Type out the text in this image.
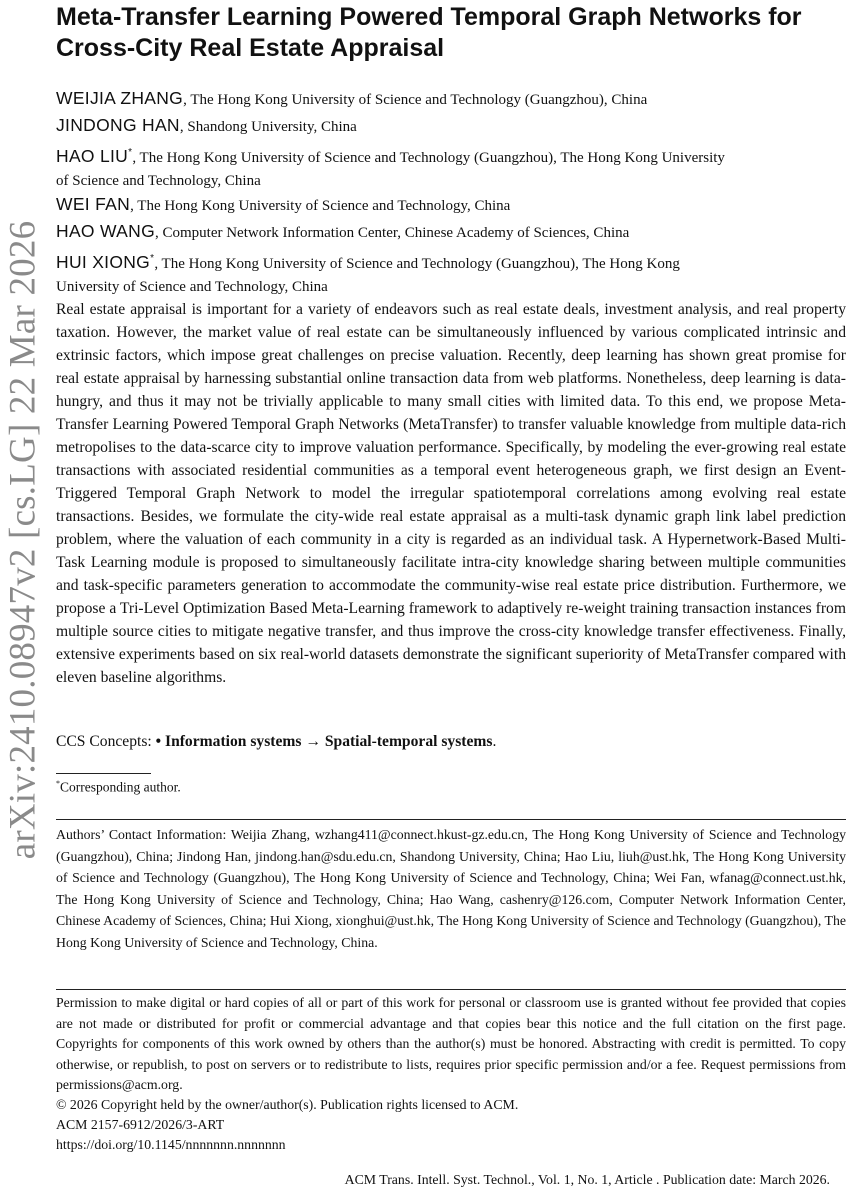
arXiv:2410.08947v2 [cs.LG] 22 Mar 2026
Meta-Transfer Learning Powered Temporal Graph Networks for Cross-City Real Estate Appraisal
WEIJIA ZHANG, The Hong Kong University of Science and Technology (Guangzhou), China
JINDONG HAN, Shandong University, China
HAO LIU*, The Hong Kong University of Science and Technology (Guangzhou), The Hong Kong University
of Science and Technology, China
WEI FAN, The Hong Kong University of Science and Technology, China
HAO WANG, Computer Network Information Center, Chinese Academy of Sciences, China
HUI XIONG*, The Hong Kong University of Science and Technology (Guangzhou), The Hong Kong
University of Science and Technology, China

Real estate appraisal is important for a variety of endeavors such as real estate deals, investment analysis, and real property taxation. However, the market value of real estate can be simultaneously influenced by various complicated intrinsic and extrinsic factors, which impose great challenges on precise valuation. Recently, deep learning has shown great promise for real estate appraisal by harnessing substantial online transaction data from web platforms. Nonetheless, deep learning is data-hungry, and thus it may not be trivially applicable to many small cities with limited data. To this end, we propose Meta-Transfer Learning Powered Temporal Graph Networks (MetaTransfer) to transfer valuable knowledge from multiple data-rich metropolises to the data-scarce city to improve valuation performance. Specifically, by modeling the ever-growing real estate transactions with associated residential communities as a temporal event heterogeneous graph, we first design an Event-Triggered Temporal Graph Network to model the irregular spatiotemporal correlations among evolving real estate transactions. Besides, we formulate the city-wide real estate appraisal as a multi-task dynamic graph link label prediction problem, where the valuation of each community in a city is regarded as an individual task. A Hypernetwork-Based Multi-Task Learning module is proposed to simultaneously facilitate intra-city knowledge sharing between multiple communities and task-specific parameters generation to accommodate the community-wise real estate price distribution. Furthermore, we propose a Tri-Level Optimization Based Meta-Learning framework to adaptively re-weight training transaction instances from multiple source cities to mitigate negative transfer, and thus improve the cross-city knowledge transfer effectiveness. Finally, extensive experiments based on six real-world datasets demonstrate the significant superiority of MetaTransfer compared with eleven baseline algorithms.

CCS Concepts: • Information systems → Spatial-temporal systems.

*Corresponding author.

Authors’ Contact Information: Weijia Zhang, wzhang411@connect.hkust-gz.edu.cn, The Hong Kong University of Science and Technology (Guangzhou), China; Jindong Han, jindong.han@sdu.edu.cn, Shandong University, China; Hao Liu, liuh@ust.hk, The Hong Kong University of Science and Technology (Guangzhou), The Hong Kong University of Science and Technology, China; Wei Fan, wfanag@connect.ust.hk, The Hong Kong University of Science and Technology, China; Hao Wang, cashenry@126.com, Computer Network Information Center, Chinese Academy of Sciences, China; Hui Xiong, xionghui@ust.hk, The Hong Kong University of Science and Technology (Guangzhou), The Hong Kong University of Science and Technology, China.

Permission to make digital or hard copies of all or part of this work for personal or classroom use is granted without fee provided that copies are not made or distributed for profit or commercial advantage and that copies bear this notice and the full citation on the first page. Copyrights for components of this work owned by others than the author(s) must be honored. Abstracting with credit is permitted. To copy otherwise, or republish, to post on servers or to redistribute to lists, requires prior specific permission and/or a fee. Request permissions from permissions@acm.org.

© 2026 Copyright held by the owner/author(s). Publication rights licensed to ACM.
ACM 2157-6912/2026/3-ART
https://doi.org/10.1145/nnnnnnn.nnnnnnn
ACM Trans. Intell. Syst. Technol., Vol. 1, No. 1, Article . Publication date: March 2026.
